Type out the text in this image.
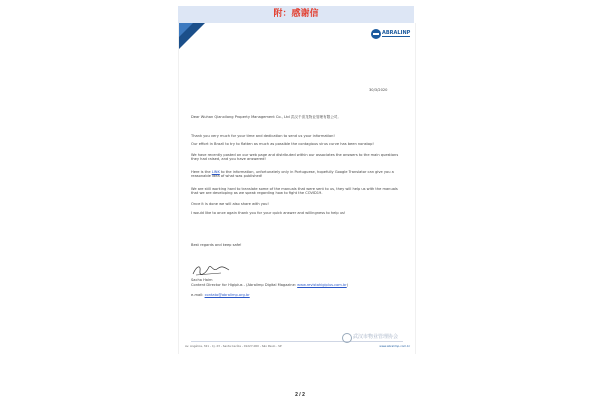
附：感谢信
ABRALINP
30/3/2020
Dear Wuhan Qianxilong Property Management Co., Ltd 武汉千喜龙物业管理有限公司,
Thank you very much for your time and dedication to send us your information!
Our effort in Brazil to try to flatten as much as possible the contagious virus curve has been nonstop!
We have recently posted on our web page and distributed within our associates the answers to the main questions they had raised, and you have answered!
Here is the LINK to the information, unfortunately only in Portuguese, hopefully Google Translator can give you a reasonable idea of what was published!
We are still working hard to translate some of the manuals that were sent to us, they will help us with the manuals that we are developing as we speak regarding how to fight the COVID19.
Once it is done we will also share with you!
I would like to once again thank you for your quick answer and willingness to help us!
Best regards and keep safe!
Sacha Haim
Content Director for Higiplus - (Abralimp Digital Magazine: www.revistahigiplus.com.br)
e-mail: contato@abralimp.org.br
Av. Angélica, 321 - Cj. 23 - Santa Cecília - 01227-000 - São Paulo - SP	www.abralimp.com.br
武汉市物业管理协会
2 / 2
